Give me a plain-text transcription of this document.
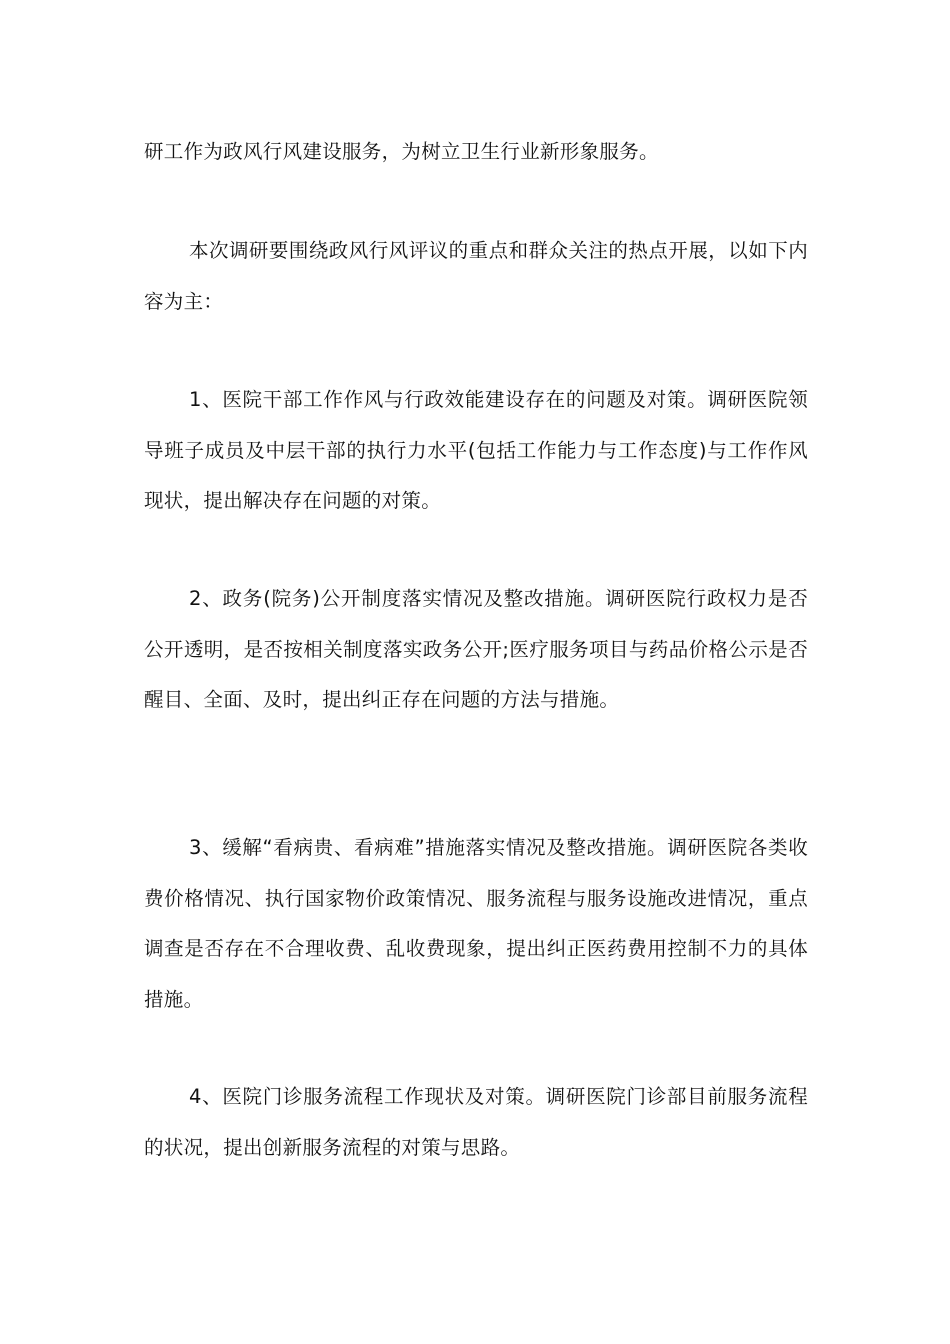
研工作为政风行风建设服务，为树立卫生行业新形象服务。

本次调研要围绕政风行风评议的重点和群众关注的热点开展，以如下内容为主：

1、医院干部工作作风与行政效能建设存在的问题及对策。调研医院领导班子成员及中层干部的执行力水平(包括工作能力与工作态度)与工作作风现状，提出解决存在问题的对策。

2、政务(院务)公开制度落实情况及整改措施。调研医院行政权力是否公开透明，是否按相关制度落实政务公开;医疗服务项目与药品价格公示是否醒目、全面、及时，提出纠正存在问题的方法与措施。

3、缓解“看病贵、看病难”措施落实情况及整改措施。调研医院各类收费价格情况、执行国家物价政策情况、服务流程与服务设施改进情况，重点调查是否存在不合理收费、乱收费现象，提出纠正医药费用控制不力的具体措施。

4、医院门诊服务流程工作现状及对策。调研医院门诊部目前服务流程的状况，提出创新服务流程的对策与思路。
